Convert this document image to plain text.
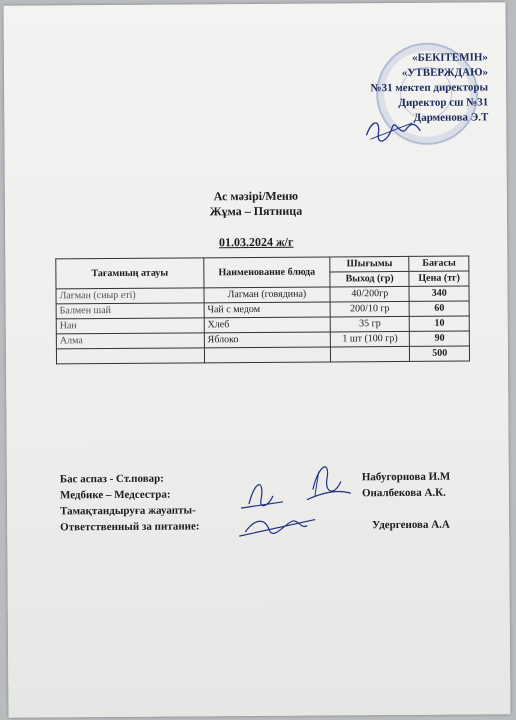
«БЕКІТЕМІН»
«УТВЕРЖДАЮ»
№31 мектеп директоры
Директор сш №31
Дарменова Э.Т
Ас мәзірі/Меню
Жұма – Пятница
01.03.2024 ж/г
Тағамның атауы	Наименование блюда	Шығымы	Бағасы
		Выход (гр)	Цена (тг)
Лағман (сиыр еті)	Лагман (говядина)	40/200гр	340
Балмен шай	Чай с медом	200/10 гр	60
Нан	Хлеб	35 гр	10
Алма	Яблоко	1 шт (100 гр)	90
			500
Бас аспаз - Ст.повар:	Набугорнова И.М
Медбике – Медсестра:	Оналбекова А.К.
Тамақтандыруға жауапты-
Ответственный за питание:	Удергенова А.А
